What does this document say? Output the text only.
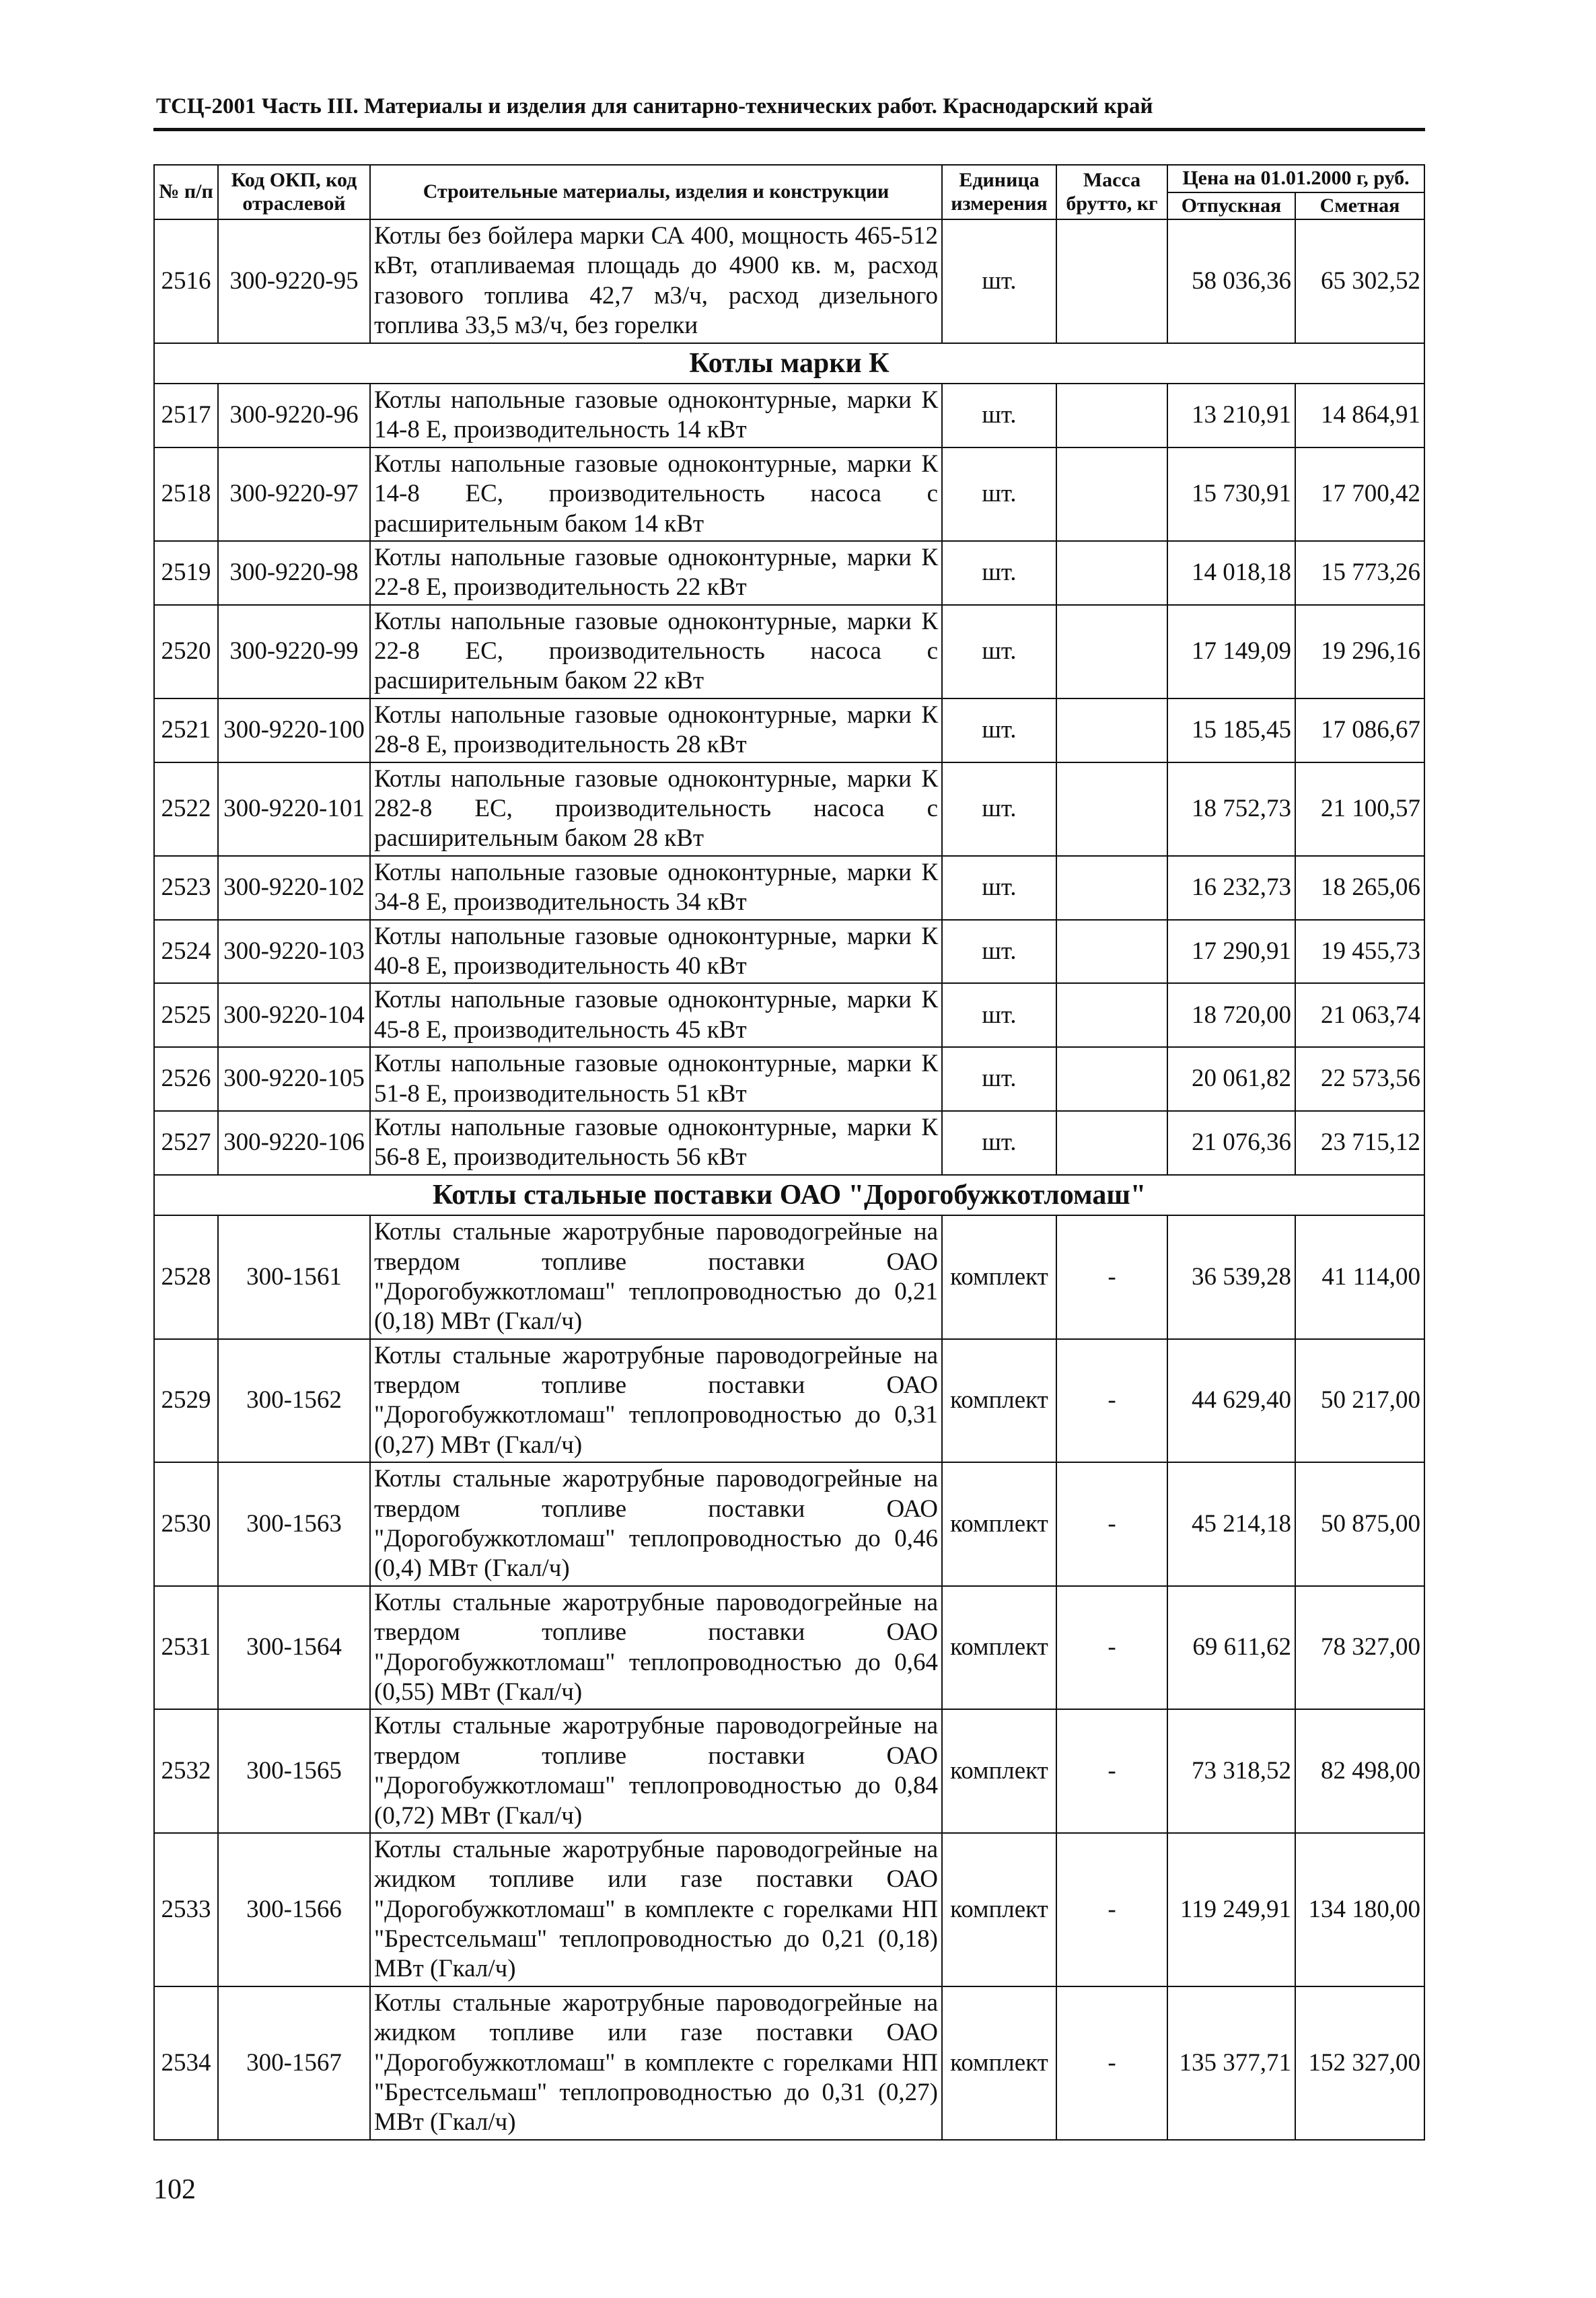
ТСЦ-2001 Часть III. Материалы и изделия для санитарно-технических работ. Краснодарский край
№ п/п	Код ОКП, код отраслевой	Строительные материалы, изделия и конструкции	Единица измерения	Масса брутто, кг	Цена на 01.01.2000 г, руб.	
					Отпускная	Сметная
2516	300-9220-95	Котлы без бойлера марки СА 400, мощность 465-512 кВт, отапливаемая площадь до 4900 кв. м, расход газового топлива 42,7 м3/ч, расход дизельного топлива 33,5 м3/ч, без горелки	шт.		58 036,36	65 302,52
Котлы марки К						
2517	300-9220-96	Котлы напольные газовые одноконтурные, марки К 14-8 Е, производительность 14 кВт	шт.		13 210,91	14 864,91
2518	300-9220-97	Котлы напольные газовые одноконтурные, марки К 14-8 ЕС, производительность насоса с расширительным баком 14 кВт	шт.		15 730,91	17 700,42
2519	300-9220-98	Котлы напольные газовые одноконтурные, марки К 22-8 Е, производительность 22 кВт	шт.		14 018,18	15 773,26
2520	300-9220-99	Котлы напольные газовые одноконтурные, марки К 22-8 ЕС, производительность насоса с расширительным баком 22 кВт	шт.		17 149,09	19 296,16
2521	300-9220-100	Котлы напольные газовые одноконтурные, марки К 28-8 Е, производительность 28 кВт	шт.		15 185,45	17 086,67
2522	300-9220-101	Котлы напольные газовые одноконтурные, марки К 282-8 ЕС, производительность насоса с расширительным баком 28 кВт	шт.		18 752,73	21 100,57
2523	300-9220-102	Котлы напольные газовые одноконтурные, марки К 34-8 Е, производительность 34 кВт	шт.		16 232,73	18 265,06
2524	300-9220-103	Котлы напольные газовые одноконтурные, марки К 40-8 Е, производительность 40 кВт	шт.		17 290,91	19 455,73
2525	300-9220-104	Котлы напольные газовые одноконтурные, марки К 45-8 Е, производительность 45 кВт	шт.		18 720,00	21 063,74
2526	300-9220-105	Котлы напольные газовые одноконтурные, марки К 51-8 Е, производительность 51 кВт	шт.		20 061,82	22 573,56
2527	300-9220-106	Котлы напольные газовые одноконтурные, марки К 56-8 Е, производительность 56 кВт	шт.		21 076,36	23 715,12
Котлы стальные поставки ОАО "Дорогобужкотломаш"						
2528	300-1561	Котлы стальные жаротрубные пароводогрейные на твердом топливе поставки ОАО "Дорогобужкотломаш" теплопроводностью до 0,21 (0,18) МВт (Гкал/ч)	комплект	-	36 539,28	41 114,00
2529	300-1562	Котлы стальные жаротрубные пароводогрейные на твердом топливе поставки ОАО "Дорогобужкотломаш" теплопроводностью до 0,31 (0,27) МВт (Гкал/ч)	комплект	-	44 629,40	50 217,00
2530	300-1563	Котлы стальные жаротрубные пароводогрейные на твердом топливе поставки ОАО "Дорогобужкотломаш" теплопроводностью до 0,46 (0,4) МВт (Гкал/ч)	комплект	-	45 214,18	50 875,00
2531	300-1564	Котлы стальные жаротрубные пароводогрейные на твердом топливе поставки ОАО "Дорогобужкотломаш" теплопроводностью до 0,64 (0,55) МВт (Гкал/ч)	комплект	-	69 611,62	78 327,00
2532	300-1565	Котлы стальные жаротрубные пароводогрейные на твердом топливе поставки ОАО "Дорогобужкотломаш" теплопроводностью до 0,84 (0,72) МВт (Гкал/ч)	комплект	-	73 318,52	82 498,00
2533	300-1566	Котлы стальные жаротрубные пароводогрейные на жидком топливе или газе поставки ОАО "Дорогобужкотломаш" в комплекте с горелками НП "Брестсельмаш" теплопроводностью до 0,21 (0,18) МВт (Гкал/ч)	комплект	-	119 249,91	134 180,00
2534	300-1567	Котлы стальные жаротрубные пароводогрейные на жидком топливе или газе поставки ОАО "Дорогобужкотломаш" в комплекте с горелками НП "Брестсельмаш" теплопроводностью до 0,31 (0,27) МВт (Гкал/ч)	комплект	-	135 377,71	152 327,00
102
